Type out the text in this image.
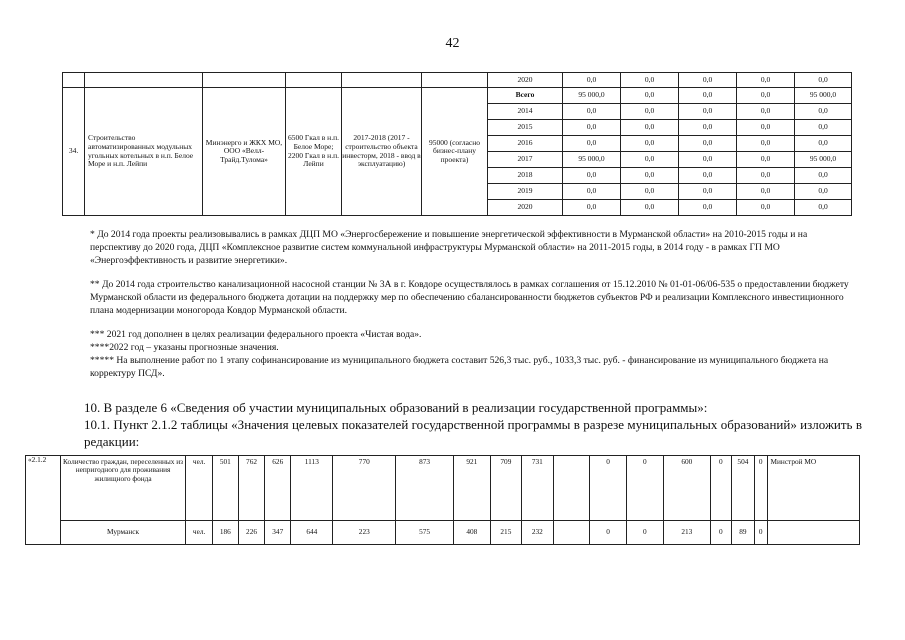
42
						2020	0,0	0,0	0,0	0,0	0,0
34.	Строительство автоматизированных модульных угольных котельных в н.п. Белое Море и н.п. Лейпи	Минэнерго и ЖКХ МО, ООО «Велл-Трайд.Тулома»	6500 Гкал в н.п. Белое Море; 2200 Гкал в н.п. Лейпи	2017-2018 (2017 - строительство объекта инвесторм, 2018 - ввод в эксплуатацию)	95000 (согласно бизнес-плану проекта)	Всего	95 000,0	0,0	0,0	0,0	95 000,0
						2014	0,0	0,0	0,0	0,0	0,0
						2015	0,0	0,0	0,0	0,0	0,0
						2016	0,0	0,0	0,0	0,0	0,0
						2017	95 000,0	0,0	0,0	0,0	95 000,0
						2018	0,0	0,0	0,0	0,0	0,0
						2019	0,0	0,0	0,0	0,0	0,0
						2020	0,0	0,0	0,0	0,0	0,0

* До 2014 года проекты реализовывались в рамках ДЦП МО «Энергосбережение и повышение энергетической эффективности в Мурманской области» на 2010-2015 годы и на перспективу до 2020 года, ДЦП «Комплексное развитие систем коммунальной инфраструктуры Мурманской области» на 2011-2015 годы, в 2014 году - в рамках ГП МО «Энергоэффективность и развитие энергетики».

** До 2014 года строительство канализационной насосной станции № 3А в г. Ковдоре осуществлялось в рамках соглашения от 15.12.2010 № 01-01-06/06-535 о предоставлении бюджету Мурманской области из федерального бюджета дотации на поддержку мер по обеспечению сбалансированности бюджетов субъектов РФ и реализации Комплексного инвестиционного плана модернизации моногорода Ковдор Мурманской области.

*** 2021 год дополнен в целях реализации федерального проекта «Чистая вода».

****2022 год – указаны прогнозные значения.

***** На выполнение работ по 1 этапу софинансирование из муниципального бюджета составит 526,3 тыс. руб., 1033,3 тыс. руб. - финансирование из муниципального бюджета на корректуру ПСД».

10. В разделе 6 «Сведения об участии муниципальных образований в реализации государственной программы»:

10.1. Пункт 2.1.2 таблицы «Значения целевых показателей государственной программы в разрезе муниципальных образований» изложить в редакции:

«2.1.2	Количество граждан, переселенных из непригодного для проживания жилищного фонда	чел.	501	762	626	1113	770	873	921	709	731		0	0	600	0	504	0	Минстрой МО
	Мурманск	чел.	186	226	347	644	223	575	408	215	232		0	0	213	0	89	0	
